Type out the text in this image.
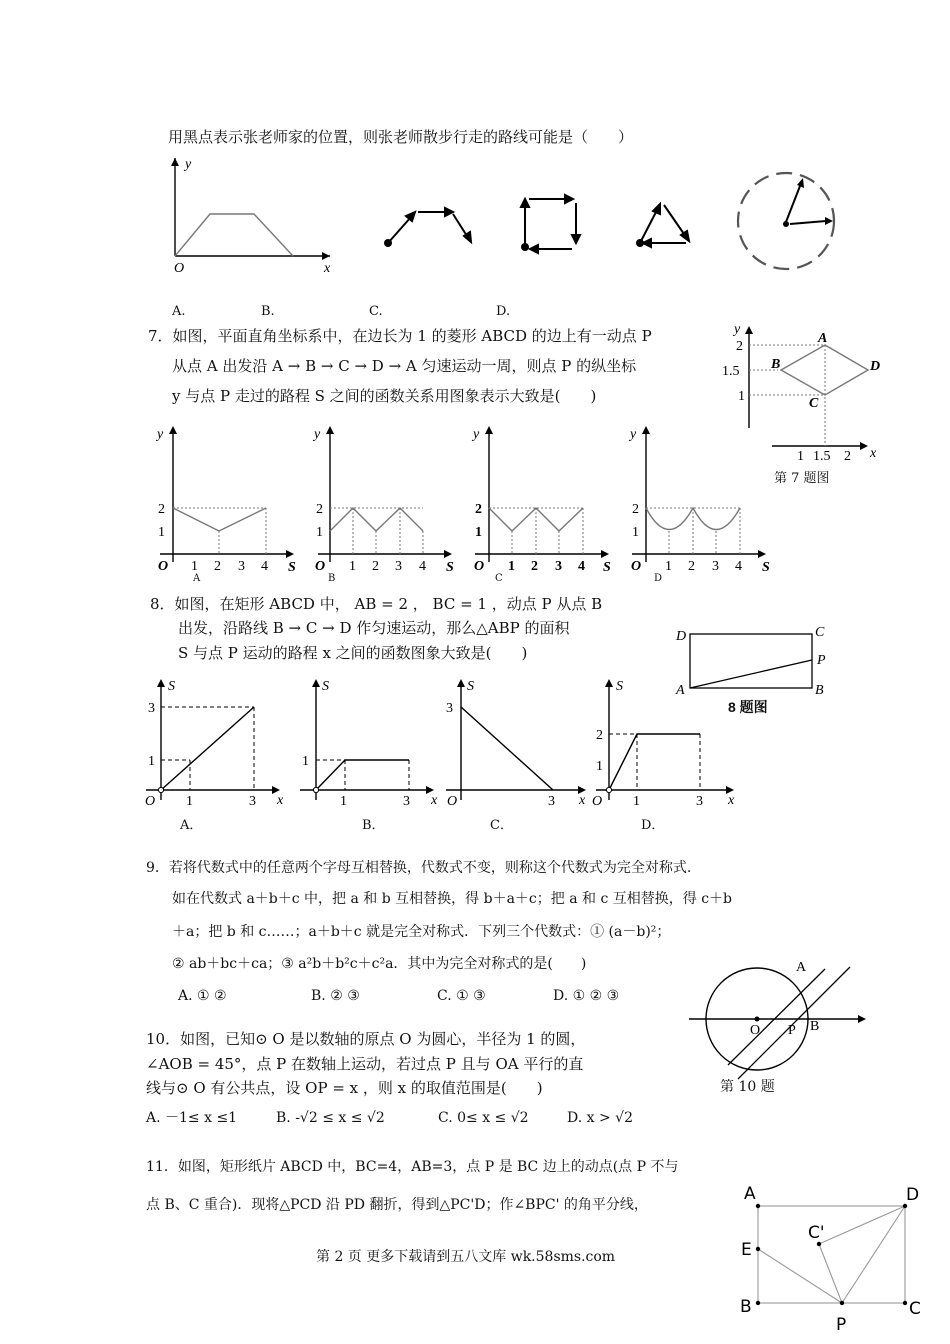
用黑点表示张老师家的位置，则张老师散步行走的路线可能是（　　）
y
O	x
A.	B.	C.	D.
7．如图，平面直角坐标系中，在边长为 1 的菱形 ABCD 的边上有一动点 P
从点 A 出发沿 A → B → C → D → A 匀速运动一周，则点 P 的纵坐标
y 与点 P 走过的路程 S 之间的函数关系用图象表示大致是(　　)
y
2
1.5
1
A
B
C
D
1 1.5 2 x
第 7 题图
y
2
1
O 1 2 3 4 S
y
2
1
O 1 2 3 4 S
y
2
1
O 1 2 3 4 S
y
2
1
O 1 2 3 4 S
A	B	C	D
8．如图，在矩形 ABCD 中， AB = 2 ， BC = 1 ，动点 P 从点 B
出发，沿路线 B → C → D 作匀速运动，那么△ABP 的面积
S 与点 P 运动的路程 x 之间的函数图象大致是(　　)
D	C
P
A	B
8 题图
S
3
1
O 1	3 x
S
1
1	3 x
S
3
O	3 x
S
2
1
O 1	3 x
A．	B．	C．	D．
9．若将代数式中的任意两个字母互相替换，代数式不变，则称这个代数式为完全对称式.
如在代数式 a＋b＋c 中，把 a 和 b 互相替换，得 b＋a＋c；把 a 和 c 互相替换，得 c＋b
＋a；把 b 和 c……；a＋b＋c 就是完全对称式．下列三个代数式：① (a－b)²；
② ab＋bc＋ca；③ a²b＋b²c＋c²a．其中为完全对称式的是(　　)
A. ① ②	B. ② ③	C. ① ③	D. ① ② ③
A
O P B
第 10 题
10．如图，已知⊙ O 是以数轴的原点 O 为圆心，半径为 1 的圆，
∠AOB = 45°，点 P 在数轴上运动，若过点 P 且与 OA 平行的直
线与⊙ O 有公共点，设 OP = x ，则 x 的取值范围是(　　)
A. －1≤ x ≤1	B. -√2 ≤ x ≤ √2	C. 0≤ x ≤ √2	D. x > √2
11．如图，矩形纸片 ABCD 中，BC=4，AB=3，点 P 是 BC 边上的动点(点 P 不与
点 B、C 重合)．现将△PCD 沿 PD 翻折，得到△PC'D；作∠BPC' 的角平分线，
A	D
C'
E
B
P
C
第 2 页 更多下载请到五八文库 wk.58sms.com
